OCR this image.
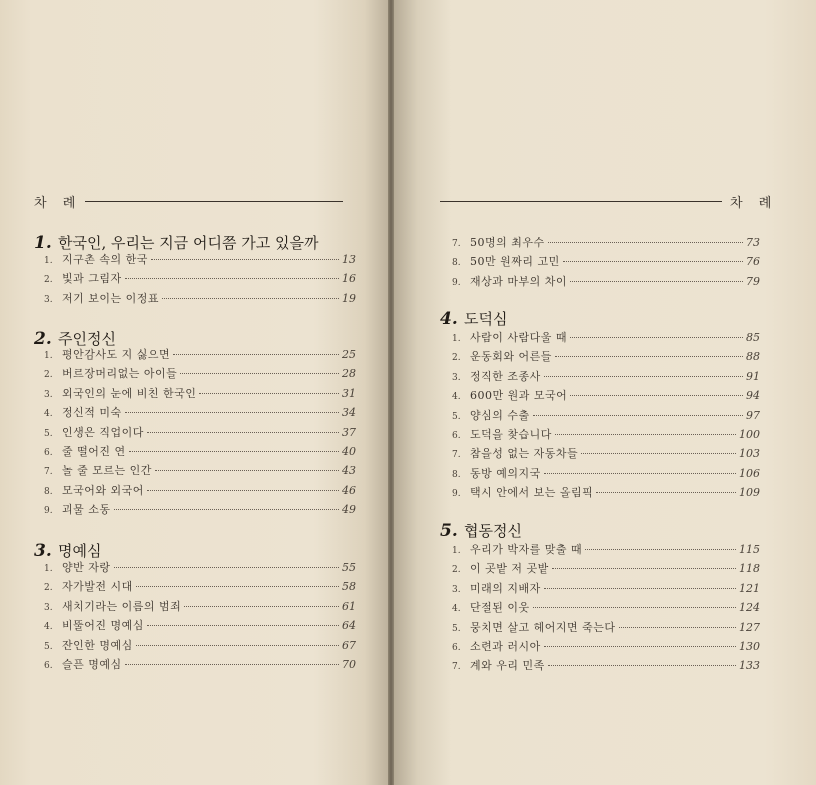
차 례
1. 한국인, 우리는 지금 어디쯤 가고 있을까
1. 지구촌 속의 한국	13
2. 빛과 그림자	16
3. 저기 보이는 이정표	19
2. 주인정신
1. 평안감사도 지 싫으면	25
2. 버르장머리없는 아이들	28
3. 외국인의 눈에 비친 한국인	31
4. 정신적 미숙	34
5. 인생은 직업이다	37
6. 줄 떨어진 연	40
7. 놀 줄 모르는 인간	43
8. 모국어와 외국어	46
9. 괴물 소동	49
3. 명예심
1. 양반 자랑	55
2. 자가발전 시대	58
3. 새치기라는 이름의 범죄	61
4. 비뚤어진 명예심	64
5. 잔인한 명예심	67
6. 슬픈 명예심	70
차 례
7. 50명의 최우수	73
8. 50만 원짜리 고민	76
9. 재상과 마부의 차이	79
4. 도덕심
1. 사람이 사람다울 때	85
2. 운동회와 어른들	88
3. 정직한 조종사	91
4. 600만 원과 모국어	94
5. 양심의 수출	97
6. 도덕을 찾습니다	100
7. 참을성 없는 자동차들	103
8. 동방 예의지국	106
9. 택시 안에서 보는 올림픽	109
5. 협동정신
1. 우리가 박자를 맞출 때	115
2. 이 곳밭 저 곳밭	118
3. 미래의 지배자	121
4. 단절된 이웃	124
5. 뭉치면 살고 헤어지면 죽는다	127
6. 소련과 러시아	130
7. 계와 우리 민족	133
